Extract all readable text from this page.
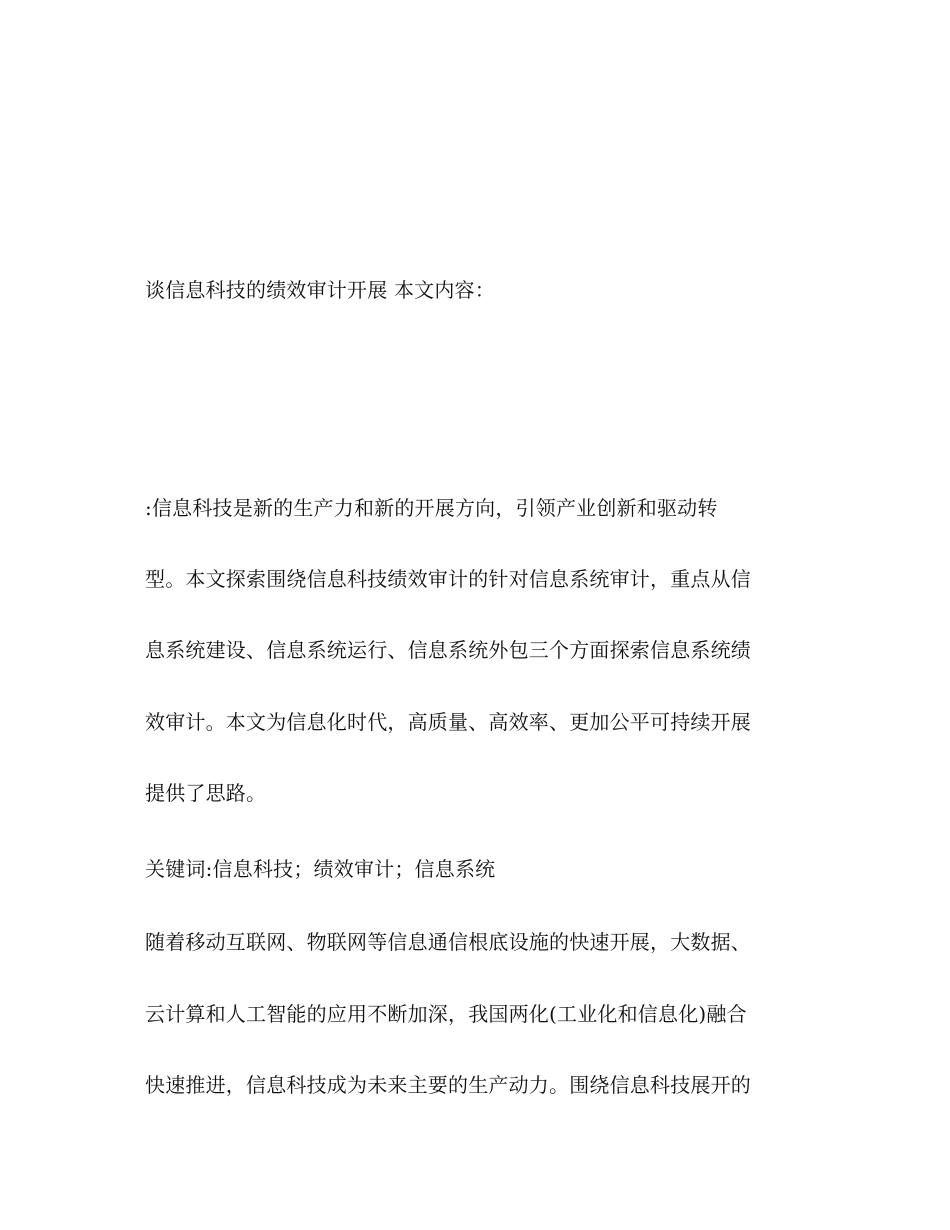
谈信息科技的绩效审计开展 本文内容：
:信息科技是新的生产力和新的开展方向，引领产业创新和驱动转
型。本文探索围绕信息科技绩效审计的针对信息系统审计，重点从信
息系统建设、信息系统运行、信息系统外包三个方面探索信息系统绩
效审计。本文为信息化时代，高质量、高效率、更加公平可持续开展
提供了思路。
关键词:信息科技；绩效审计；信息系统
随着移动互联网、物联网等信息通信根底设施的快速开展，大数据、
云计算和人工智能的应用不断加深，我国两化(工业化和信息化)融合
快速推进，信息科技成为未来主要的生产动力。围绕信息科技展开的
